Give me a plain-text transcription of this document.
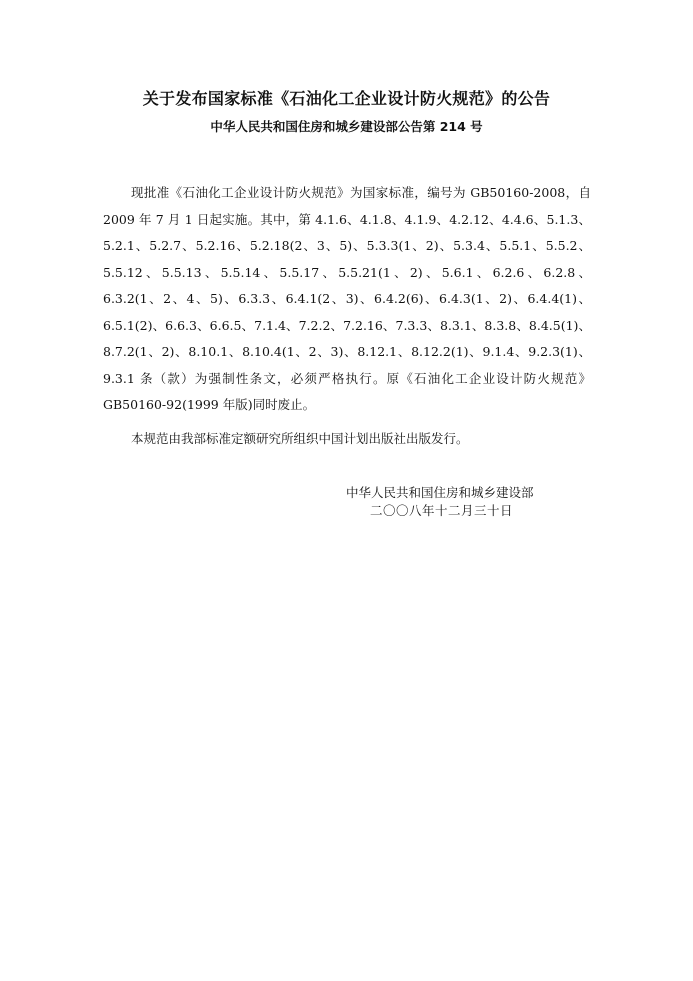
关于发布国家标准《石油化工企业设计防火规范》的公告
中华人民共和国住房和城乡建设部公告第 214 号

现批准《石油化工企业设计防火规范》为国家标准，编号为 GB50160-2008，自 2009 年 7 月 1 日起实施。其中，第 4.1.6、4.1.8、4.1.9、4.2.12、4.4.6、5.1.3、5.2.1、5.2.7、5.2.16、5.2.18(2、3、5)、5.3.3(1、2)、5.3.4、5.5.1、5.5.2、5.5.12、5.5.13、5.5.14、5.5.17、5.5.21(1、2)、5.6.1、6.2.6、6.2.8、6.3.2(1、2、4、5)、6.3.3、6.4.1(2、3)、6.4.2(6)、6.4.3(1、2)、6.4.4(1)、6.5.1(2)、6.6.3、6.6.5、7.1.4、7.2.2、7.2.16、7.3.3、8.3.1、8.3.8、8.4.5(1)、8.7.2(1、2)、8.10.1、8.10.4(1、2、3)、8.12.1、8.12.2(1)、9.1.4、9.2.3(1)、9.3.1 条（款）为强制性条文，必须严格执行。原《石油化工企业设计防火规范》GB50160-92(1999 年版)同时废止。

本规范由我部标准定额研究所组织中国计划出版社出版发行。

中华人民共和国住房和城乡建设部
二〇〇八年十二月三十日
